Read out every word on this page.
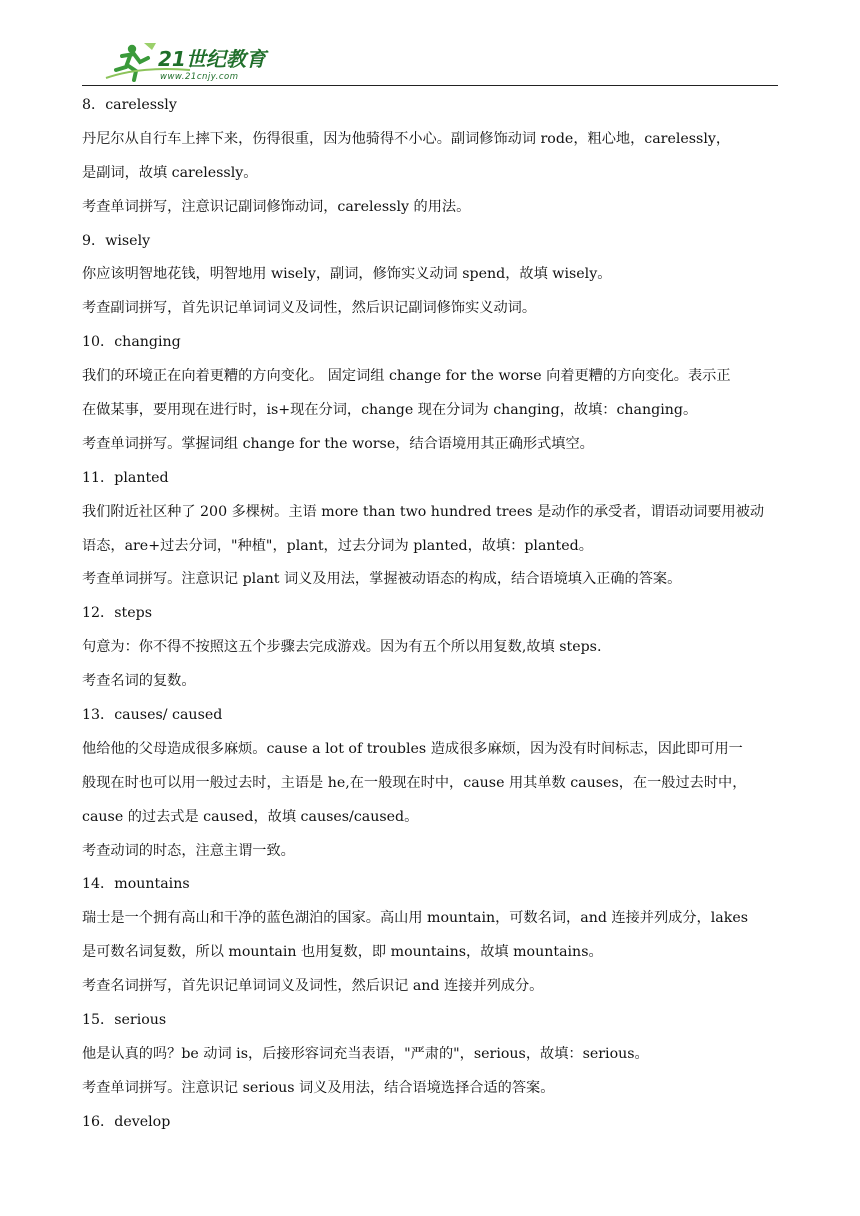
21世纪教育
www.21cnjy.com
8．carelessly
丹尼尔从自行车上摔下来，伤得很重，因为他骑得不小心。副词修饰动词 rode，粗心地，carelessly，
是副词，故填 carelessly。
考查单词拼写，注意识记副词修饰动词，carelessly 的用法。
9．wisely
你应该明智地花钱，明智地用 wisely，副词，修饰实义动词 spend，故填 wisely。
考查副词拼写，首先识记单词词义及词性，然后识记副词修饰实义动词。
10．changing
我们的环境正在向着更糟的方向变化。 固定词组 change for the worse 向着更糟的方向变化。表示正
在做某事，要用现在进行时，is+现在分词，change 现在分词为 changing，故填：changing。
考查单词拼写。掌握词组 change for the worse，结合语境用其正确形式填空。
11．planted
我们附近社区种了 200 多棵树。主语 more than two hundred trees 是动作的承受者，谓语动词要用被动
语态，are+过去分词，"种植"，plant，过去分词为 planted，故填：planted。
考查单词拼写。注意识记 plant 词义及用法，掌握被动语态的构成，结合语境填入正确的答案。
12．steps
句意为：你不得不按照这五个步骤去完成游戏。因为有五个所以用复数,故填 steps.
考查名词的复数。
13．causes/ caused
他给他的父母造成很多麻烦。cause a lot of troubles 造成很多麻烦，因为没有时间标志，因此即可用一
般现在时也可以用一般过去时，主语是 he,在一般现在时中，cause 用其单数 causes，在一般过去时中，
cause 的过去式是 caused，故填 causes/caused。
考查动词的时态，注意主谓一致。
14．mountains
瑞士是一个拥有高山和干净的蓝色湖泊的国家。高山用 mountain，可数名词，and 连接并列成分，lakes
是可数名词复数，所以 mountain 也用复数，即 mountains，故填 mountains。
考查名词拼写，首先识记单词词义及词性，然后识记 and 连接并列成分。
15．serious
他是认真的吗？be 动词 is，后接形容词充当表语，"严肃的"，serious，故填：serious。
考查单词拼写。注意识记 serious 词义及用法，结合语境选择合适的答案。
16．develop
